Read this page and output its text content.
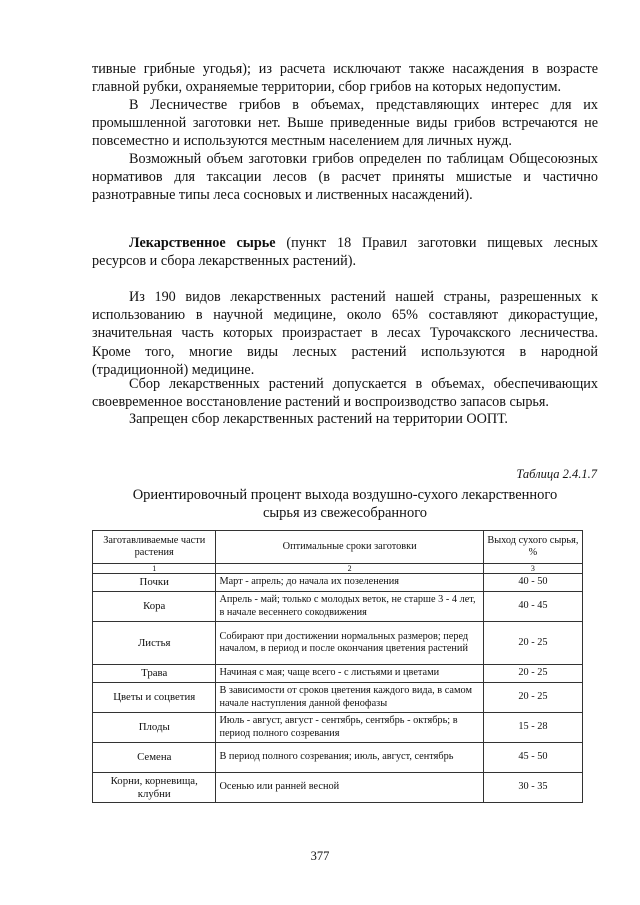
тивные грибные угодья); из расчета исключают также насаждения в возрасте главной рубки, охраняемые территории, сбор грибов на которых недопустим.
В Лесничестве грибов в объемах, представляющих интерес для их промышленной заготовки нет. Выше приведенные виды грибов встречаются не повсеместно и используются местным населением для личных нужд.
Возможный объем заготовки грибов определен по таблицам Общесоюзных нормативов для таксации лесов (в расчет приняты мшистые и частично разнотравные типы леса сосновых и лиственных насаждений).
Лекарственное сырье (пункт 18 Правил заготовки пищевых лесных ресурсов и сбора лекарственных растений).
Из 190 видов лекарственных растений нашей страны, разрешенных к использованию в научной медицине, около 65% составляют дикорастущие, значительная часть которых произрастает в лесах Турочакского лесничества. Кроме того, многие виды лесных растений используются в народной (традиционной) медицине.
Сбор лекарственных растений допускается в объемах, обеспечивающих своевременное восстановление растений и воспроизводство запасов сырья.
Запрещен сбор лекарственных растений на территории ООПТ.
Таблица 2.4.1.7
Ориентировочный процент выхода воздушно-сухого лекарственного
сырья из свежесобранного
Заготавливаемые части растения	Оптимальные сроки заготовки	Выход сухого сырья, %
1	2	3
Почки	Март - апрель; до начала их позеленения	40 - 50
Кора	Апрель - май; только с молодых веток, не старше 3 - 4 лет, в начале весеннего сокодвижения	40 - 45
Листья	Собирают при достижении нормальных размеров; перед началом, в период и после окончания цветения растений	20 - 25
Трава	Начиная с мая; чаще всего - с листьями и цветами	20 - 25
Цветы и соцветия	В зависимости от сроков цветения каждого вида, в самом начале наступления данной фенофазы	20 - 25
Плоды	Июль - август, август - сентябрь, сентябрь - октябрь; в период полного созревания	15 - 28
Семена	В период полного созревания; июль, август, сентябрь	45 - 50
Корни, корневища, клубни	Осенью или ранней весной	30 - 35
377
